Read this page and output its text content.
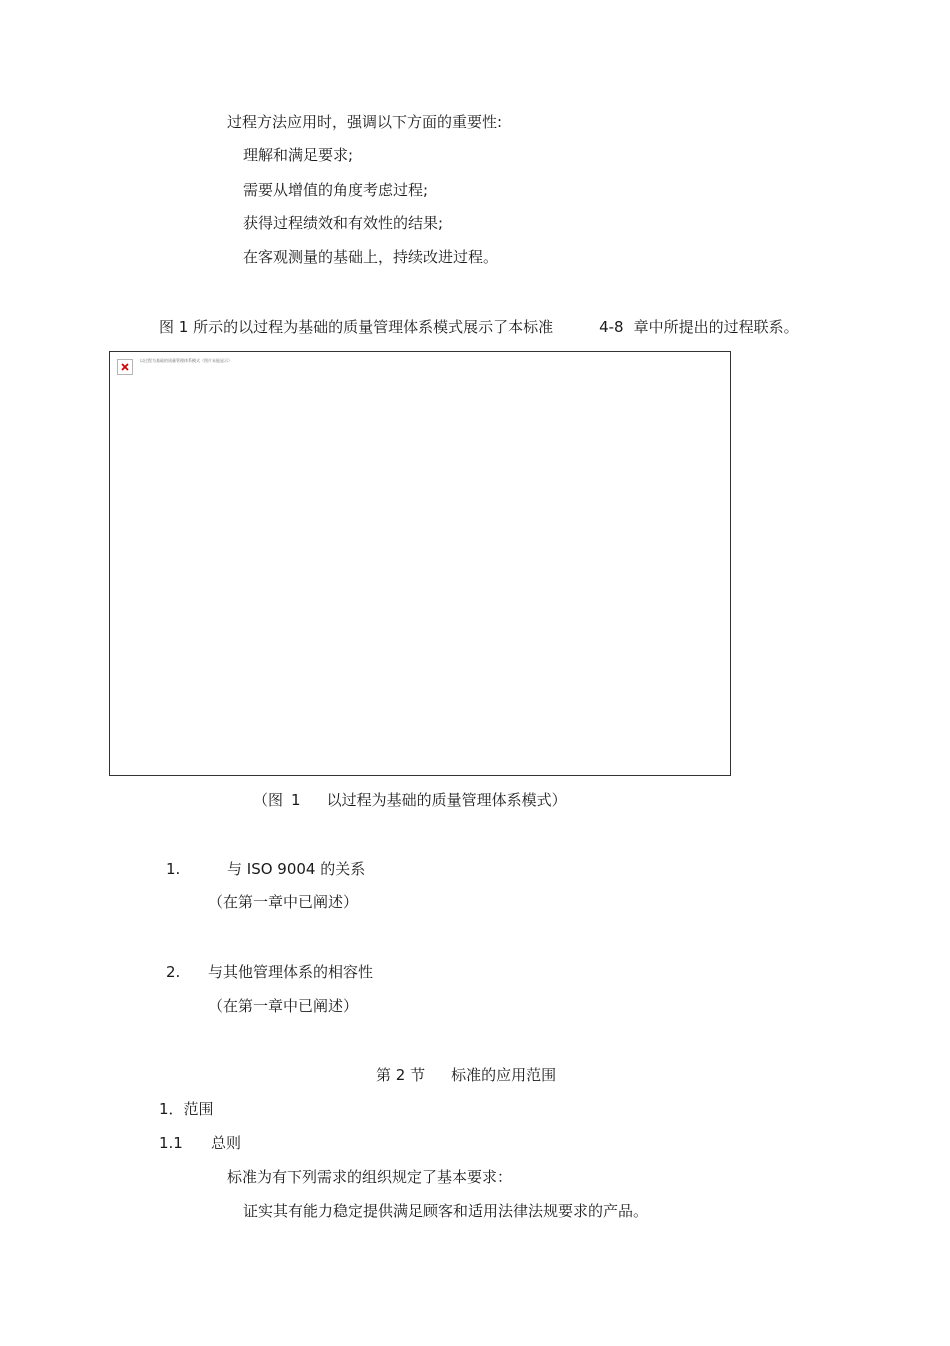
过程方法应用时，强调以下方面的重要性:
理解和满足要求;
需要从增值的角度考虑过程;
获得过程绩效和有效性的结果;
在客观测量的基础上，持续改进过程。
图 1 所示的以过程为基础的质量管理体系模式展示了本标准	4-8 章中所提出的过程联系。
以过程为基础的质量管理体系模式（图片未能显示）
（图 1 以过程为基础的质量管理体系模式）
1.	与 ISO 9004 的关系
（在第一章中已阐述）
2. 与其他管理体系的相容性
（在第一章中已阐述）
第 2 节 标准的应用范围
1．范围
1.1 总则
标准为有下列需求的组织规定了基本要求：
证实其有能力稳定提供满足顾客和适用法律法规要求的产品。
